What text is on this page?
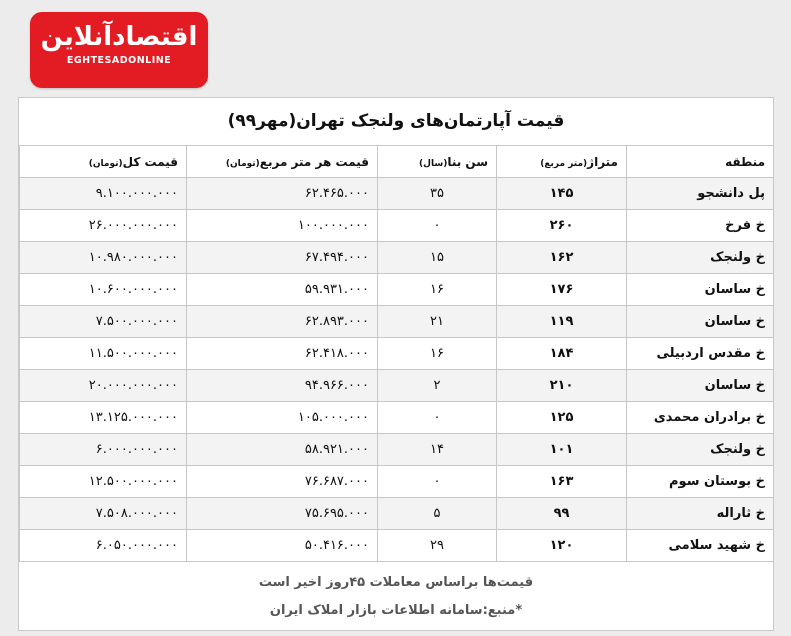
اقتصادآنلاین
EGHTESADONLINE
قیمت آپارتمان‌های ولنجک تهران(مهر۹۹)
منطقه	متراژ(متر مربع)	سن بنا(سال)	قیمت هر متر مربع(تومان)	قیمت کل(تومان)
پل دانشجو	۱۴۵	۳۵	۶۲.۴۶۵.۰۰۰	۹.۱۰۰.۰۰۰.۰۰۰
خ فرخ	۲۶۰	۰	۱۰۰.۰۰۰.۰۰۰	۲۶.۰۰۰.۰۰۰.۰۰۰
خ ولنجک	۱۶۲	۱۵	۶۷.۴۹۴.۰۰۰	۱۰.۹۸۰.۰۰۰.۰۰۰
خ ساسان	۱۷۶	۱۶	۵۹.۹۳۱.۰۰۰	۱۰.۶۰۰.۰۰۰.۰۰۰
خ ساسان	۱۱۹	۲۱	۶۲.۸۹۳.۰۰۰	۷.۵۰۰.۰۰۰.۰۰۰
خ مقدس اردبیلی	۱۸۴	۱۶	۶۲.۴۱۸.۰۰۰	۱۱.۵۰۰.۰۰۰.۰۰۰
خ ساسان	۲۱۰	۲	۹۴.۹۶۶.۰۰۰	۲۰.۰۰۰.۰۰۰.۰۰۰
خ برادران محمدی	۱۲۵	۰	۱۰۵.۰۰۰.۰۰۰	۱۳.۱۲۵.۰۰۰.۰۰۰
خ ولنجک	۱۰۱	۱۴	۵۸.۹۲۱.۰۰۰	۶.۰۰۰.۰۰۰.۰۰۰
خ بوستان سوم	۱۶۳	۰	۷۶.۶۸۷.۰۰۰	۱۲.۵۰۰.۰۰۰.۰۰۰
خ ثاراله	۹۹	۵	۷۵.۶۹۵.۰۰۰	۷.۵۰۸.۰۰۰.۰۰۰
خ شهید سلامی	۱۲۰	۲۹	۵۰.۴۱۶.۰۰۰	۶.۰۵۰.۰۰۰.۰۰۰
قیمت‌ها براساس معاملات ۴۵روز اخیر است
*منبع:سامانه اطلاعات بازار املاک ایران
